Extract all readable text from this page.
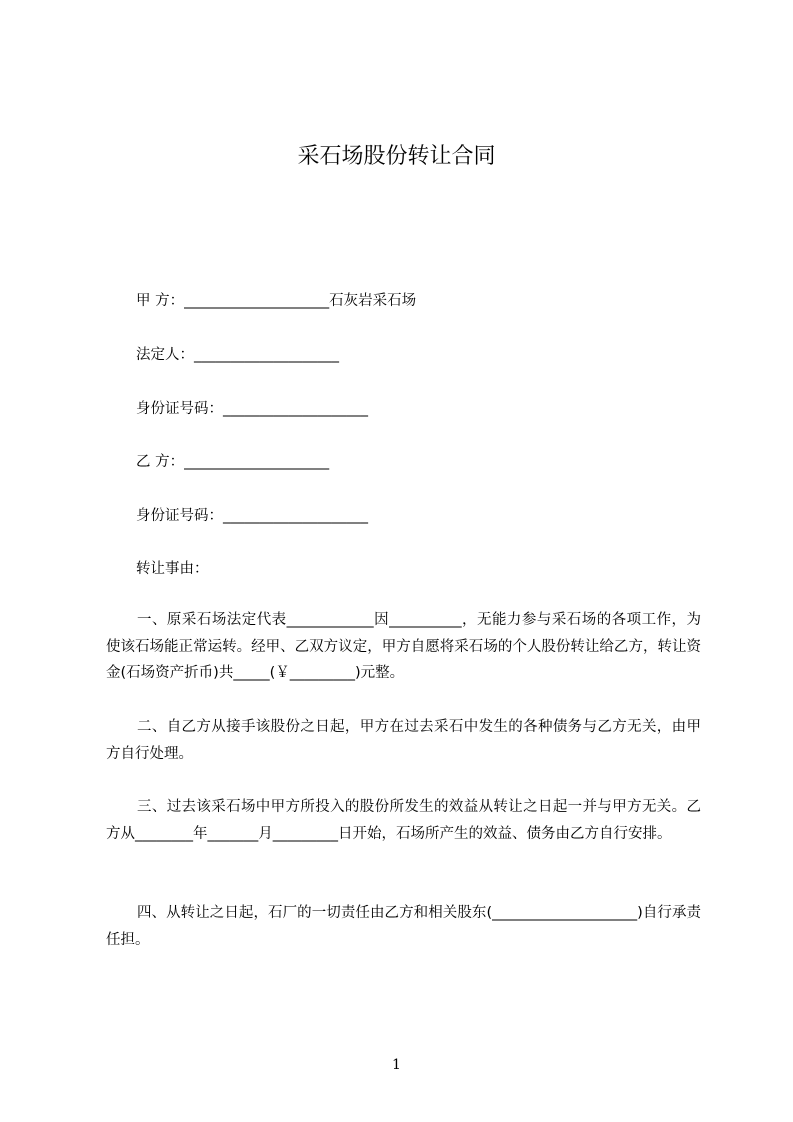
采石场股份转让合同
甲 方：____________________石灰岩采石场
法定人：____________________
身份证号码：____________________
乙 方：____________________
身份证号码：____________________
转让事由：
一、原采石场法定代表____________因__________，无能力参与采石场的各项工作，为使该石场能正常运转。经甲、乙双方议定，甲方自愿将采石场的个人股份转让给乙方，转让资金(石场资产折币)共_____(￥_________)元整。
二、自乙方从接手该股份之日起，甲方在过去采石中发生的各种债务与乙方无关，由甲方自行处理。
三、过去该采石场中甲方所投入的股份所发生的效益从转让之日起一并与甲方无关。乙方从________年_______月_________日开始，石场所产生的效益、债务由乙方自行安排。
四、从转让之日起，石厂的一切责任由乙方和相关股东(____________________)自行承责任担。
1
